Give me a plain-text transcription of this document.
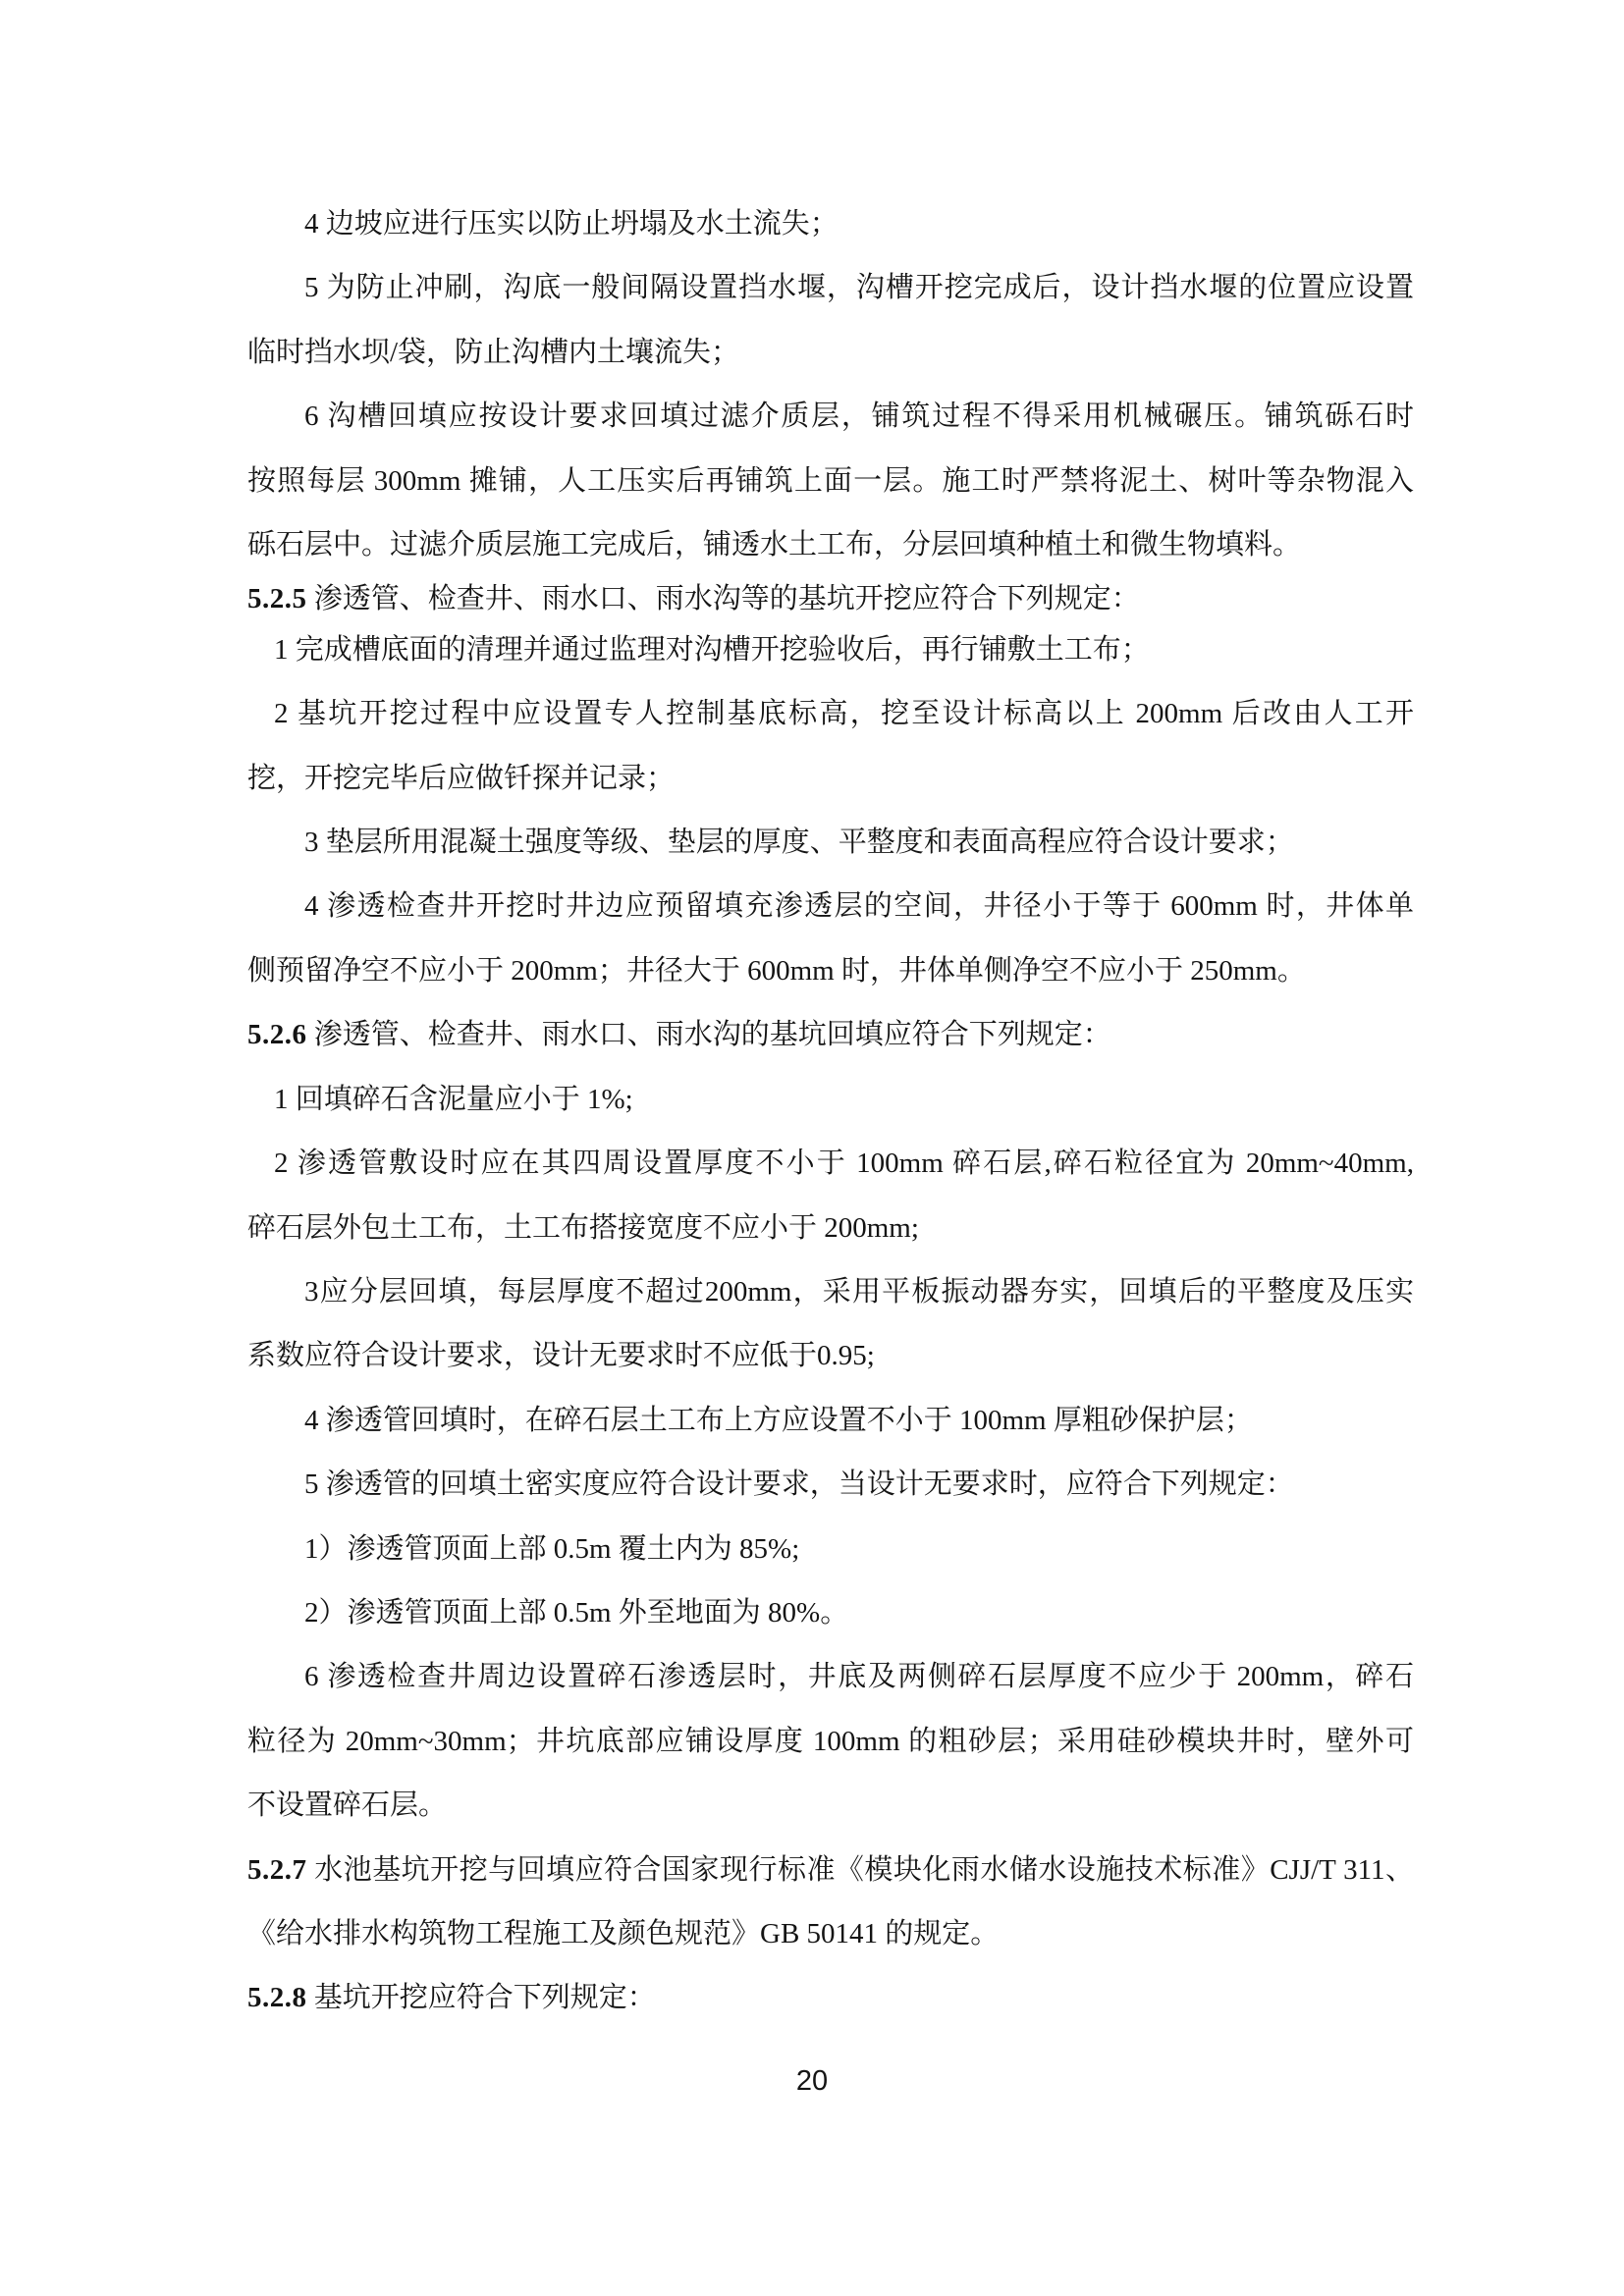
4 边坡应进行压实以防止坍塌及水土流失；
5 为防止冲刷，沟底一般间隔设置挡水堰，沟槽开挖完成后，设计挡水堰的位置应设置
临时挡水坝/袋，防止沟槽内土壤流失；
6 沟槽回填应按设计要求回填过滤介质层，铺筑过程不得采用机械碾压。铺筑砾石时
按照每层 300mm 摊铺，人工压实后再铺筑上面一层。施工时严禁将泥土、树叶等杂物混入
砾石层中。过滤介质层施工完成后，铺透水土工布，分层回填种植土和微生物填料。
5.2.5 渗透管、检查井、雨水口、雨水沟等的基坑开挖应符合下列规定：
1 完成槽底面的清理并通过监理对沟槽开挖验收后，再行铺敷土工布；
2 基坑开挖过程中应设置专人控制基底标高，挖至设计标高以上 200mm 后改由人工开
挖，开挖完毕后应做钎探并记录；
3 垫层所用混凝土强度等级、垫层的厚度、平整度和表面高程应符合设计要求；
4 渗透检查井开挖时井边应预留填充渗透层的空间，井径小于等于 600mm 时，井体单
侧预留净空不应小于 200mm；井径大于 600mm 时，井体单侧净空不应小于 250mm。
5.2.6 渗透管、检查井、雨水口、雨水沟的基坑回填应符合下列规定：
1 回填碎石含泥量应小于 1%;
2 渗透管敷设时应在其四周设置厚度不小于 100mm 碎石层,碎石粒径宜为 20mm~40mm,
碎石层外包土工布，土工布搭接宽度不应小于 200mm;
3应分层回填，每层厚度不超过200mm，采用平板振动器夯实，回填后的平整度及压实
系数应符合设计要求，设计无要求时不应低于0.95;
4 渗透管回填时，在碎石层土工布上方应设置不小于 100mm 厚粗砂保护层；
5 渗透管的回填土密实度应符合设计要求，当设计无要求时，应符合下列规定：
1）渗透管顶面上部 0.5m 覆土内为 85%;
2）渗透管顶面上部 0.5m 外至地面为 80%。
6 渗透检查井周边设置碎石渗透层时，井底及两侧碎石层厚度不应少于 200mm，碎石
粒径为 20mm~30mm；井坑底部应铺设厚度 100mm 的粗砂层；采用硅砂模块井时，壁外可
不设置碎石层。
5.2.7 水池基坑开挖与回填应符合国家现行标准《模块化雨水储水设施技术标准》CJJ/T 311、
《给水排水构筑物工程施工及颜色规范》GB 50141 的规定。
5.2.8 基坑开挖应符合下列规定：
20
